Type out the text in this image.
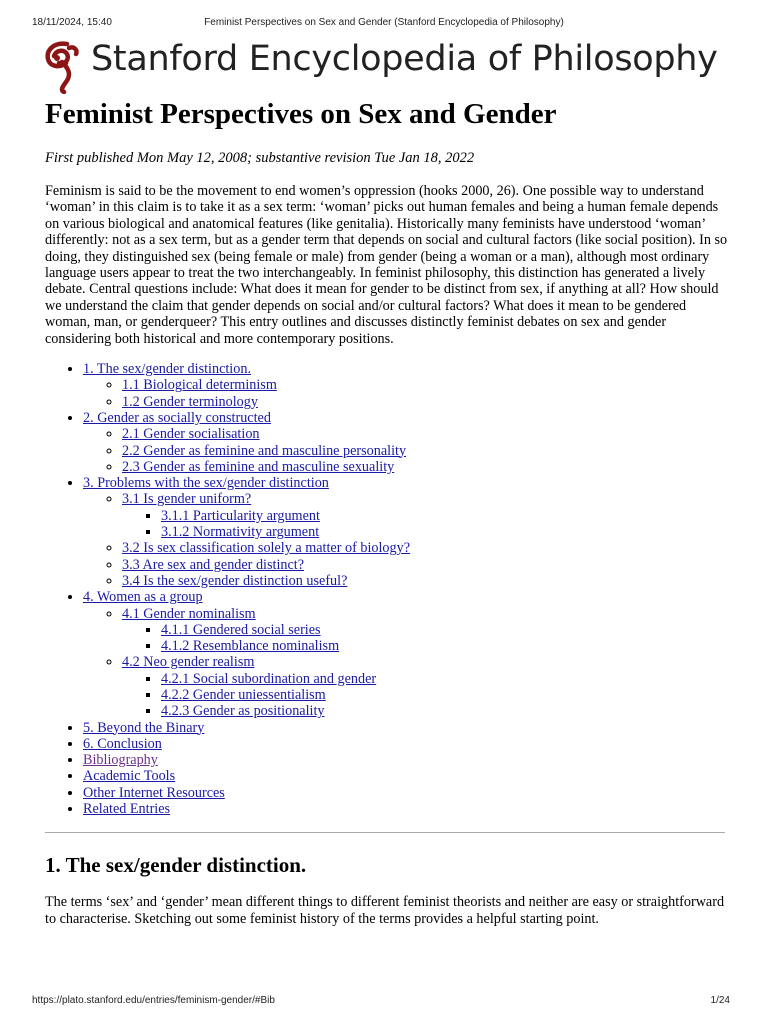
18/11/2024, 15:40	Feminist Perspectives on Sex and Gender (Stanford Encyclopedia of Philosophy)
Stanford Encyclopedia of Philosophy
Feminist Perspectives on Sex and Gender
First published Mon May 12, 2008; substantive revision Tue Jan 18, 2022
Feminism is said to be the movement to end women’s oppression (hooks 2000, 26). One possible way to understand ‘woman’ in this claim is to take it as a sex term: ‘woman’ picks out human females and being a human female depends on various biological and anatomical features (like genitalia). Historically many feminists have understood ‘woman’ differently: not as a sex term, but as a gender term that depends on social and cultural factors (like social position). In so doing, they distinguished sex (being female or male) from gender (being a woman or a man), although most ordinary language users appear to treat the two interchangeably. In feminist philosophy, this distinction has generated a lively debate. Central questions include: What does it mean for gender to be distinct from sex, if anything at all? How should we understand the claim that gender depends on social and/or cultural factors? What does it mean to be gendered woman, man, or genderqueer? This entry outlines and discusses distinctly feminist debates on sex and gender considering both historical and more contemporary positions.
• 1. The sex/gender distinction.
◦ 1.1 Biological determinism
◦ 1.2 Gender terminology
• 2. Gender as socially constructed
◦ 2.1 Gender socialisation
◦ 2.2 Gender as feminine and masculine personality
◦ 2.3 Gender as feminine and masculine sexuality
• 3. Problems with the sex/gender distinction
◦ 3.1 Is gender uniform?
▪ 3.1.1 Particularity argument
▪ 3.1.2 Normativity argument
◦ 3.2 Is sex classification solely a matter of biology?
◦ 3.3 Are sex and gender distinct?
◦ 3.4 Is the sex/gender distinction useful?
• 4. Women as a group
◦ 4.1 Gender nominalism
▪ 4.1.1 Gendered social series
▪ 4.1.2 Resemblance nominalism
◦ 4.2 Neo gender realism
▪ 4.2.1 Social subordination and gender
▪ 4.2.2 Gender uniessentialism
▪ 4.2.3 Gender as positionality
• 5. Beyond the Binary
• 6. Conclusion
• Bibliography
• Academic Tools
• Other Internet Resources
• Related Entries
1. The sex/gender distinction.
The terms ‘sex’ and ‘gender’ mean different things to different feminist theorists and neither are easy or straightforward to characterise. Sketching out some feminist history of the terms provides a helpful starting point.
https://plato.stanford.edu/entries/feminism-gender/#Bib	1/24
